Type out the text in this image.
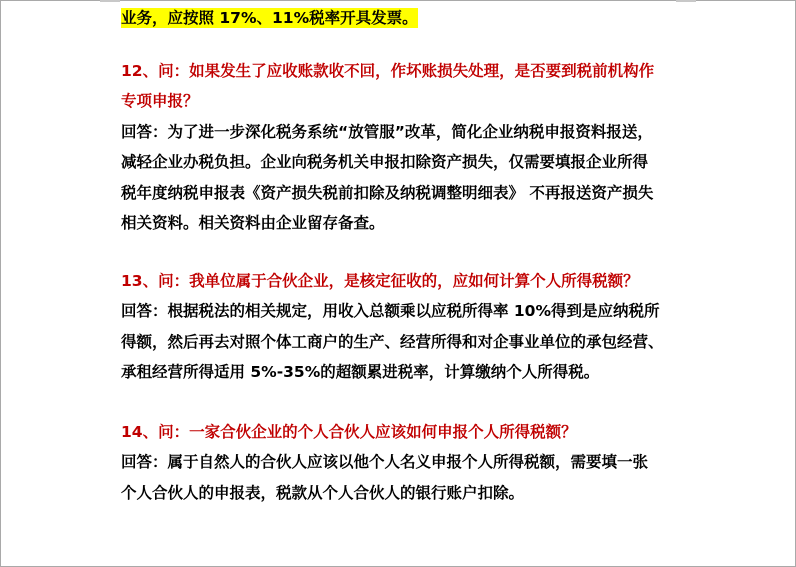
业务，应按照 17%、11%税率开具发票。
12、问：如果发生了应收账款收不回，作坏账损失处理，是否要到税前机构作
专项申报？
回答：为了进一步深化税务系统“放管服”改革，简化企业纳税申报资料报送，
减轻企业办税负担。企业向税务机关申报扣除资产损失，仅需要填报企业所得
税年度纳税申报表《资产损失税前扣除及纳税调整明细表》 不再报送资产损失
相关资料。相关资料由企业留存备查。
13、问：我单位属于合伙企业，是核定征收的，应如何计算个人所得税额？
回答：根据税法的相关规定，用收入总额乘以应税所得率 10%得到是应纳税所
得额，然后再去对照个体工商户的生产、经营所得和对企事业单位的承包经营、
承租经营所得适用 5%-35%的超额累进税率，计算缴纳个人所得税。
14、问：一家合伙企业的个人合伙人应该如何申报个人所得税额？
回答：属于自然人的合伙人应该以他个人名义申报个人所得税额，需要填一张
个人合伙人的申报表，税款从个人合伙人的银行账户扣除。
